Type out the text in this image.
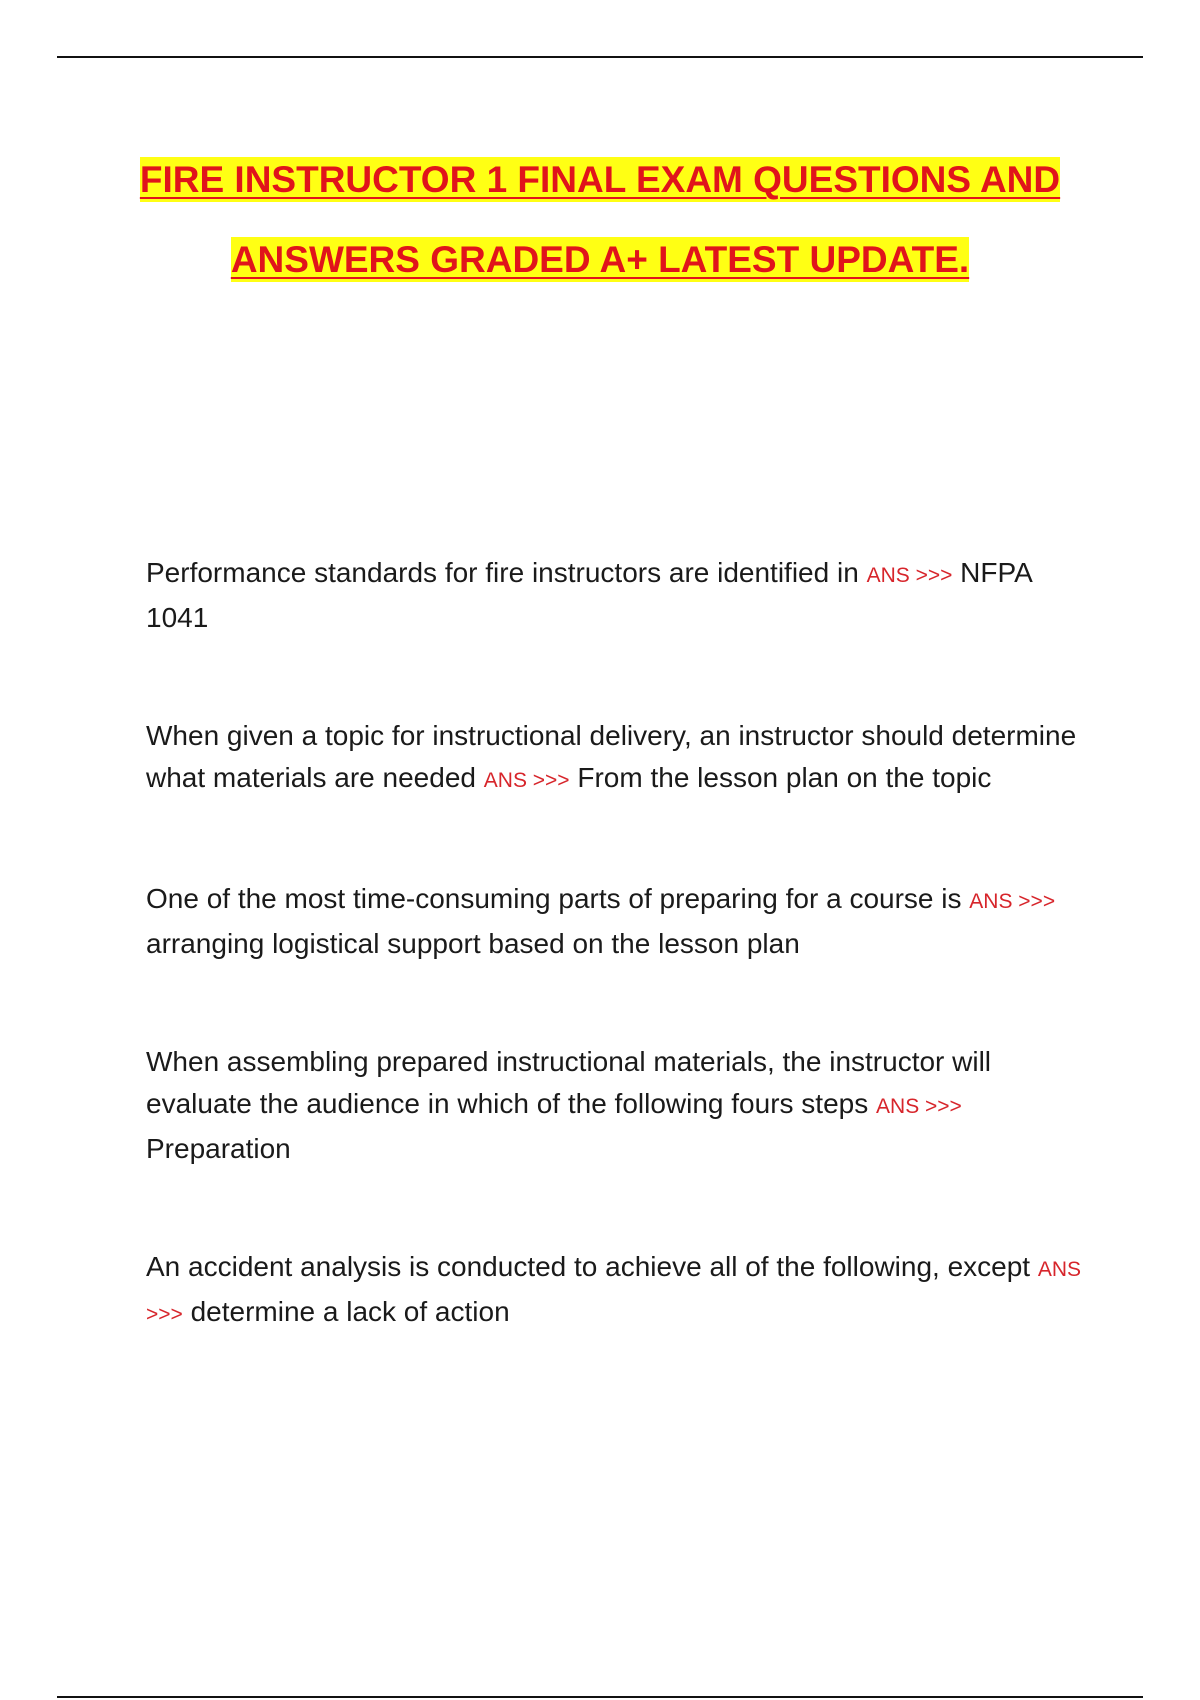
FIRE INSTRUCTOR 1 FINAL EXAM QUESTIONS AND
ANSWERS GRADED A+ LATEST UPDATE.

Performance standards for fire instructors are identified in ANS >>> NFPA 1041

When given a topic for instructional delivery, an instructor should determine what materials are needed ANS >>> From the lesson plan on the topic

One of the most time-consuming parts of preparing for a course is ANS >>> arranging logistical support based on the lesson plan

When assembling prepared instructional materials, the instructor will evaluate the audience in which of the following fours steps ANS >>> Preparation

An accident analysis is conducted to achieve all of the following, except ANS >>> determine a lack of action
